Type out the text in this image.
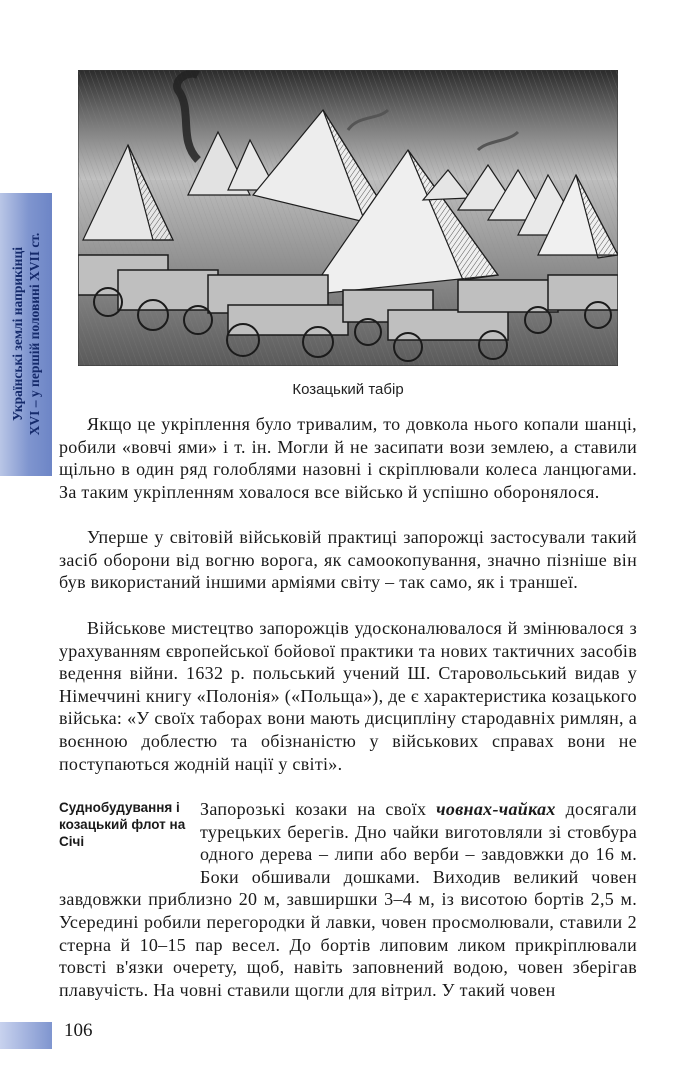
Українські землі наприкінці XVI – у першій половині XVII ст.	Козацький табір

Якщо це укріплення було тривалим, то довкола нього копали шанці, робили «вовчі ями» і т. ін. Могли й не засипати вози землею, а ставили щільно в один ряд голоблями назовні і скріплювали колеса ланцюгами. За таким укріпленням ховалося все військо й успішно оборонялося.

Уперше у світовій військовій практиці запорожці застосували такий засіб оборони від вогню ворога, як самоокопування, значно пізніше він був використаний іншими арміями світу – так само, як і траншеї.

Військове мистецтво запорожців удосконалювалося й змінювалося з урахуванням європейської бойової практики та нових тактичних засобів ведення війни. 1632 р. польський учений Ш. Старовольський видав у Німеччині книгу «Полонія» («Польща»), де є характеристика козацького війська: «У своїх таборах вони мають дисципліну стародавніх римлян, а воєнною доблестю та обізнаністю у військових справах вони не поступаються жодній нації у світі».

Суднобудування і козацький флот на Січі

Запорозькі козаки на своїх човнах-чайках досягали турецьких берегів. Дно чайки виготовляли зі стовбура одного дерева – липи або верби – завдовжки до 16 м. Боки обшивали дошками. Виходив великий човен завдовжки приблизно 20 м, завширшки 3–4 м, із висотою бортів 2,5 м. Усередині робили перегородки й лавки, човен просмолювали, ставили 2 стерна й 10–15 пар весел. До бортів липовим ликом прикріплювали товсті в'язки очерету, щоб, навіть заповнений водою, човен зберігав плавучість. На човні ставили щогли для вітрил. У такий човен

106
